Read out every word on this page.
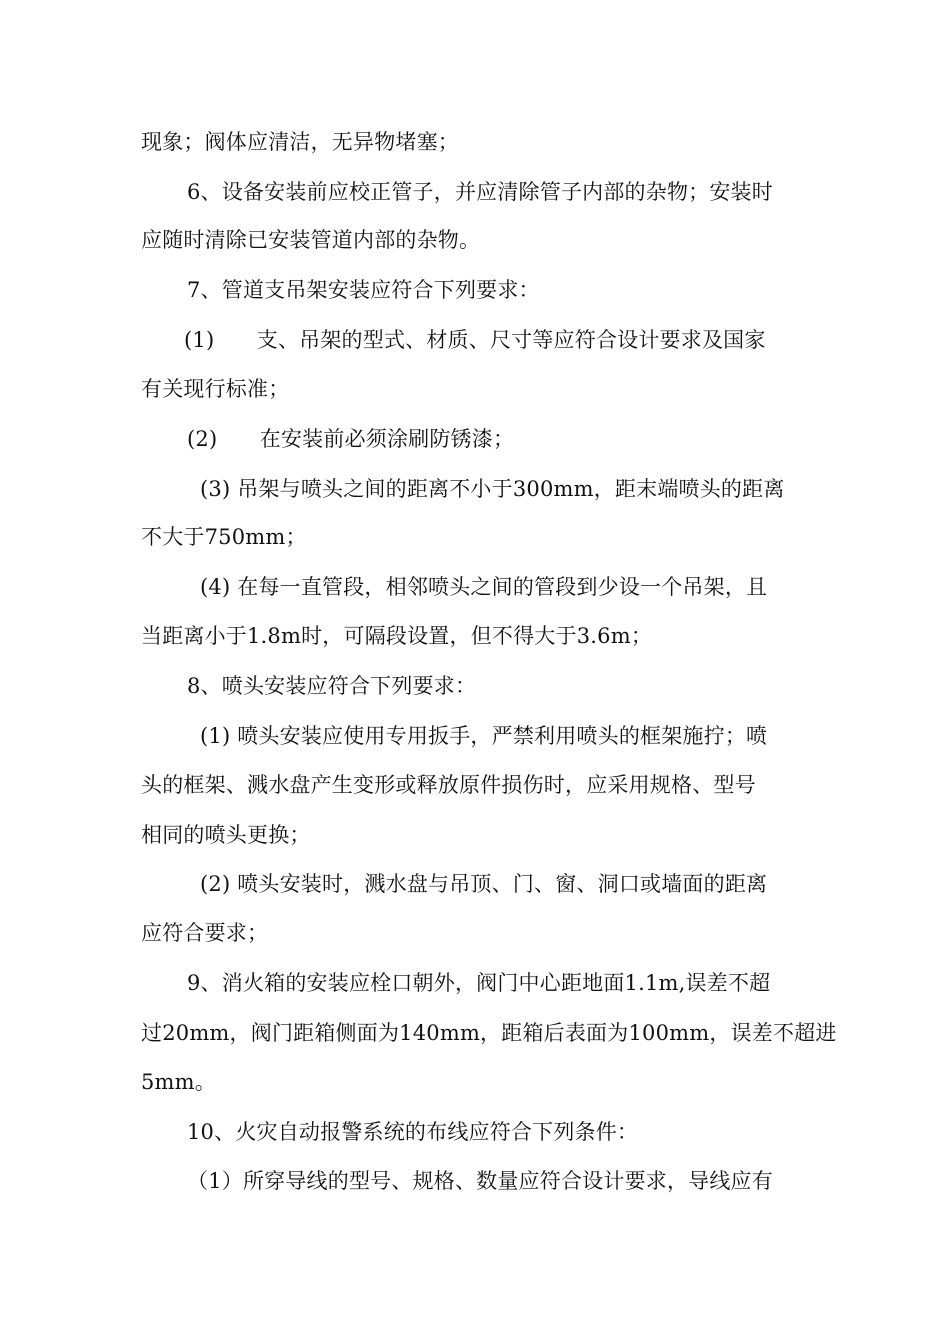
现象；阀体应清洁，无异物堵塞；
6、设备安装前应校正管子，并应清除管子内部的杂物；安装时
应随时清除已安装管道内部的杂物。
7、管道支吊架安装应符合下列要求：
(1)　　支、吊架的型式、材质、尺寸等应符合设计要求及国家
有关现行标准；
(2)　　在安装前必须涂刷防锈漆；
(3) 吊架与喷头之间的距离不小于300mm，距末端喷头的距离
不大于750mm；
(4) 在每一直管段，相邻喷头之间的管段到少设一个吊架，且
当距离小于1.8m时，可隔段设置，但不得大于3.6m；
8、喷头安装应符合下列要求：
(1) 喷头安装应使用专用扳手，严禁利用喷头的框架施拧；喷
头的框架、溅水盘产生变形或释放原件损伤时，应采用规格、型号
相同的喷头更换；
(2) 喷头安装时，溅水盘与吊顶、门、窗、洞口或墙面的距离
应符合要求；
9、消火箱的安装应栓口朝外，阀门中心距地面1.1m,误差不超
过20mm，阀门距箱侧面为140mm，距箱后表面为100mm，误差不超进
5mm。
10、火灾自动报警系统的布线应符合下列条件：
（1）所穿导线的型号、规格、数量应符合设计要求，导线应有
